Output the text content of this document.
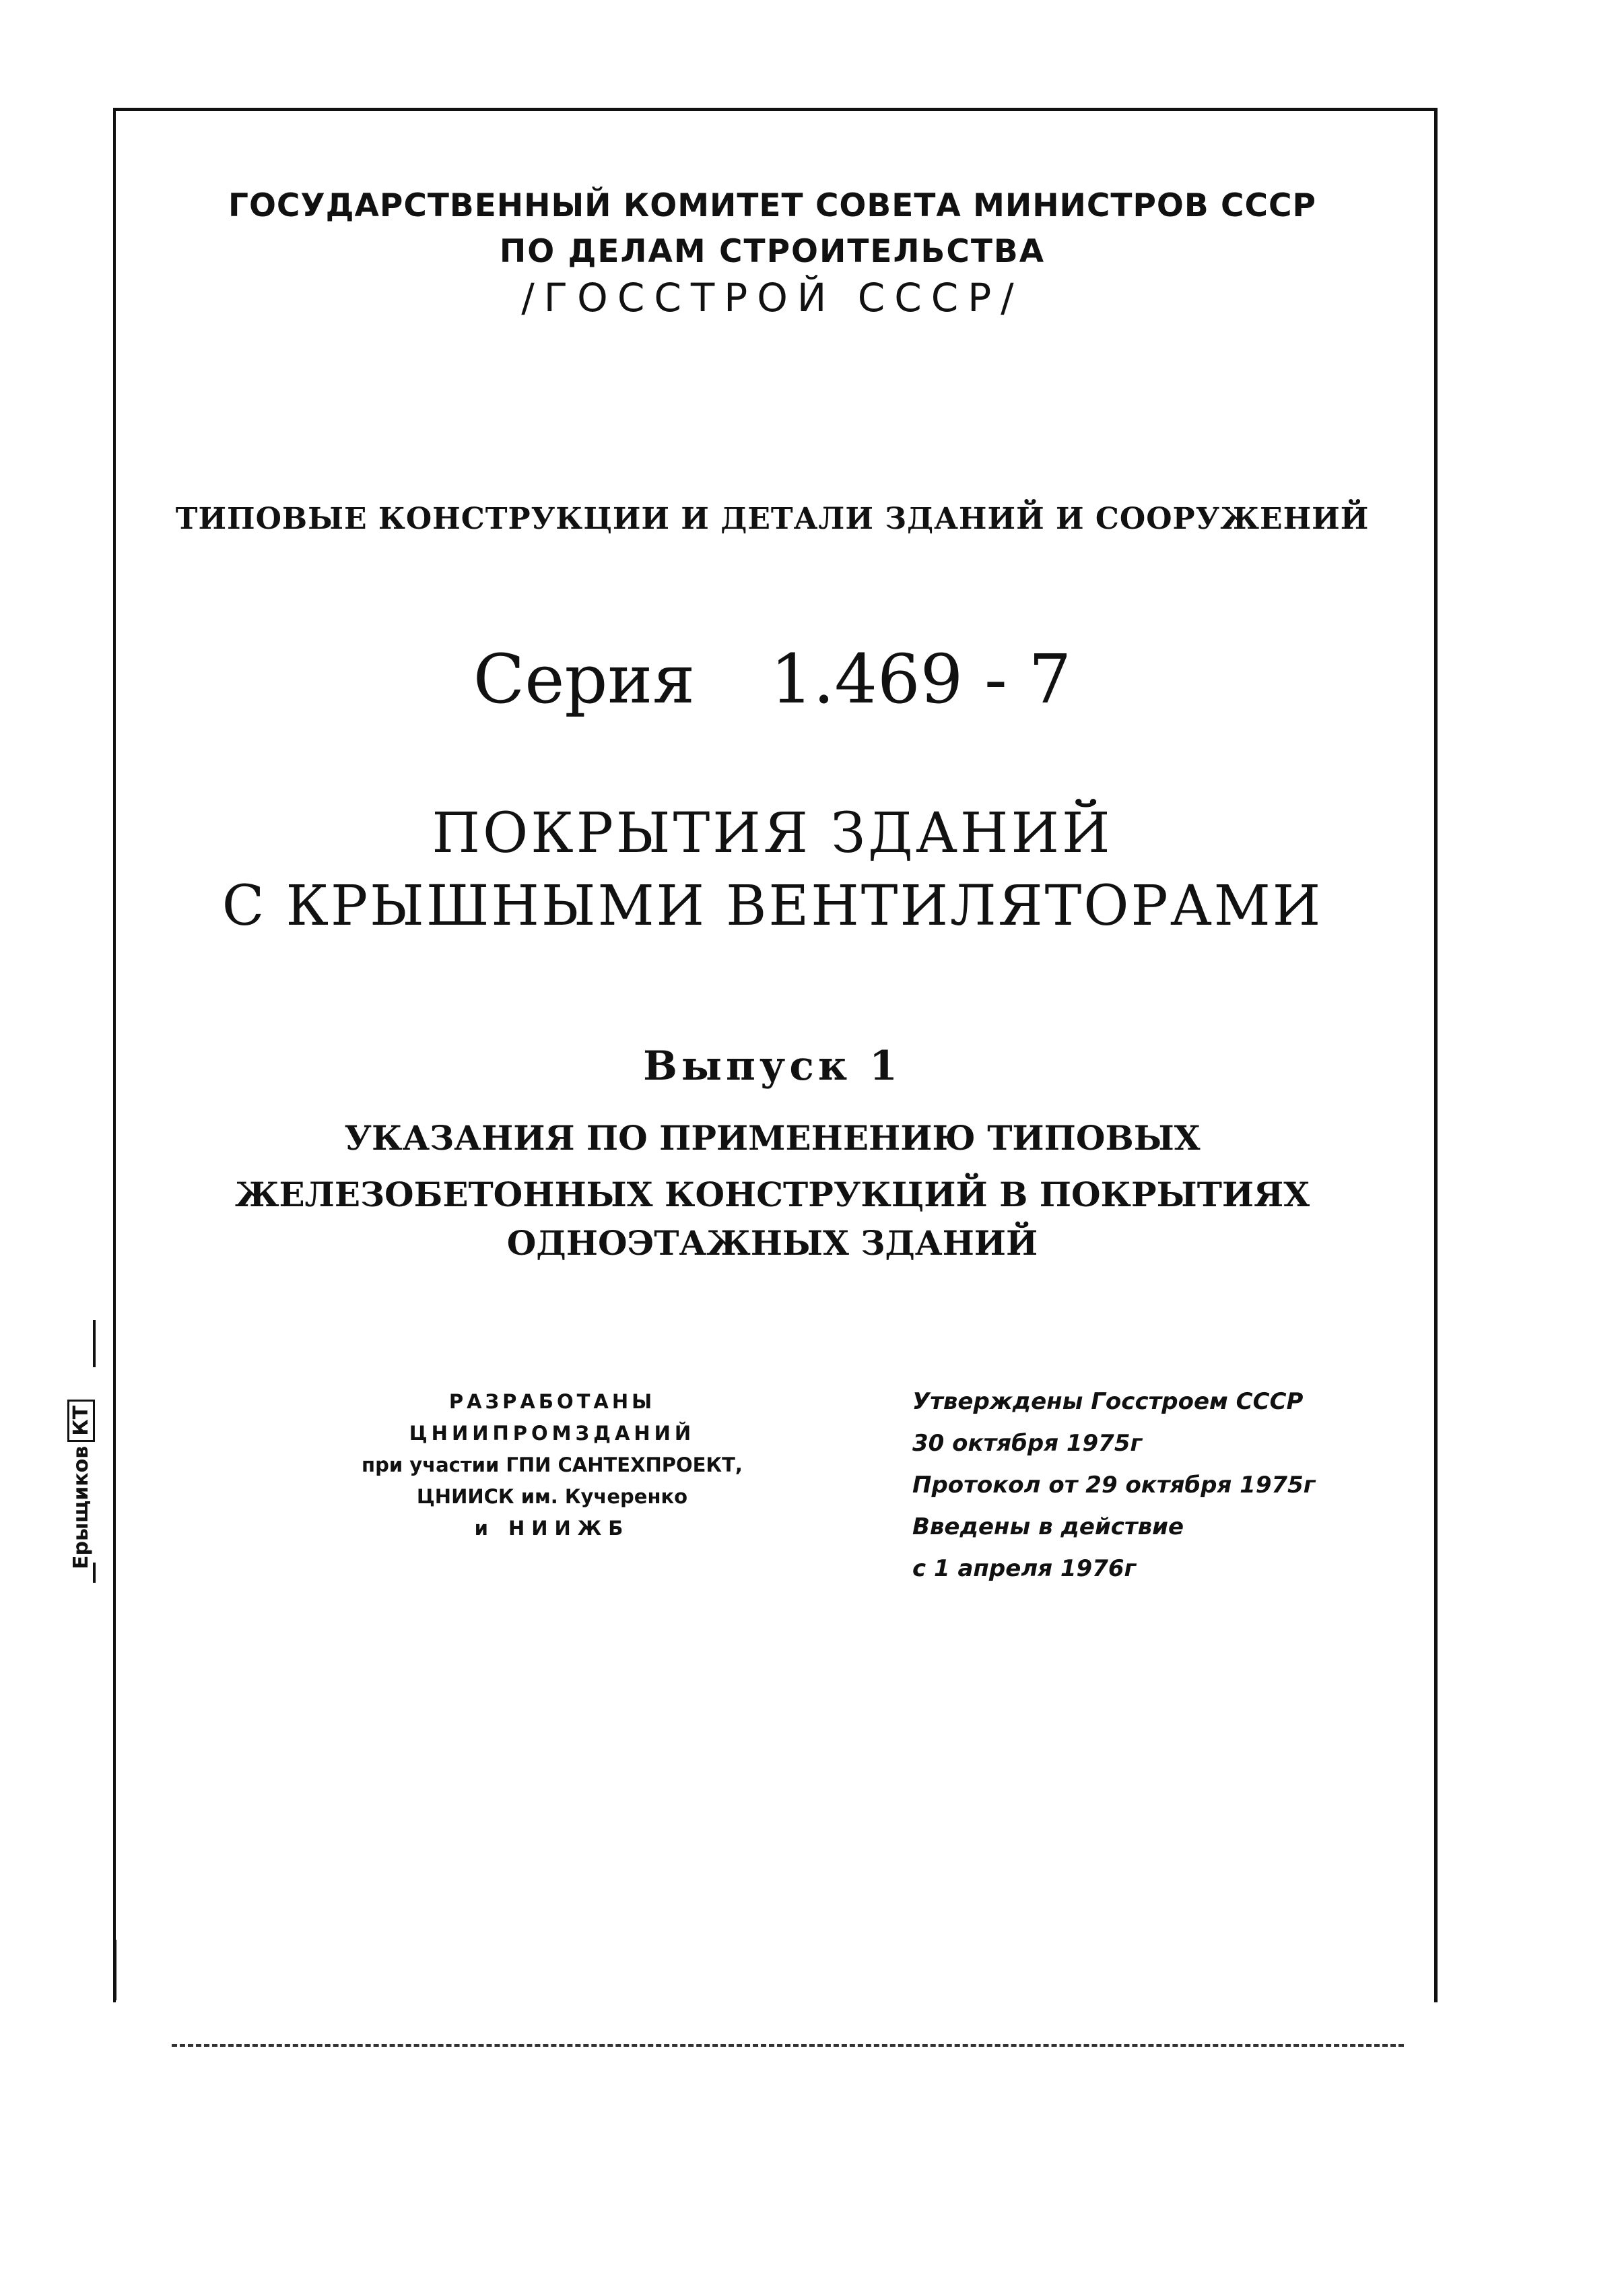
ГОСУДАРСТВЕННЫЙ КОМИТЕТ СОВЕТА МИНИСТРОВ СССР
ПО ДЕЛАМ СТРОИТЕЛЬСТВА
/ГОССТРОЙ СССР/
ТИПОВЫЕ КОНСТРУКЦИИ И ДЕТАЛИ ЗДАНИЙ И СООРУЖЕНИЙ
Серия 1.469 - 7
ПОКРЫТИЯ ЗДАНИЙ
С КРЫШНЫМИ ВЕНТИЛЯТОРАМИ
Выпуск 1
УКАЗАНИЯ ПО ПРИМЕНЕНИЮ ТИПОВЫХ
ЖЕЛЕЗОБЕТОННЫХ КОНСТРУКЦИЙ В ПОКРЫТИЯХ
ОДНОЭТАЖНЫХ ЗДАНИЙ
РАЗРАБОТАНЫ
ЦНИИПРОМЗДАНИЙ
при участии ГПИ САНТЕХПРОЕКТ,
ЦНИИСК им. Кучеренко
и НИИЖБ
Утверждены Госстроем СССР
30 октября 1975г
Протокол от 29 октября 1975г
Введены в действие
с 1 апреля 1976г
Ерыщиков
КТ
